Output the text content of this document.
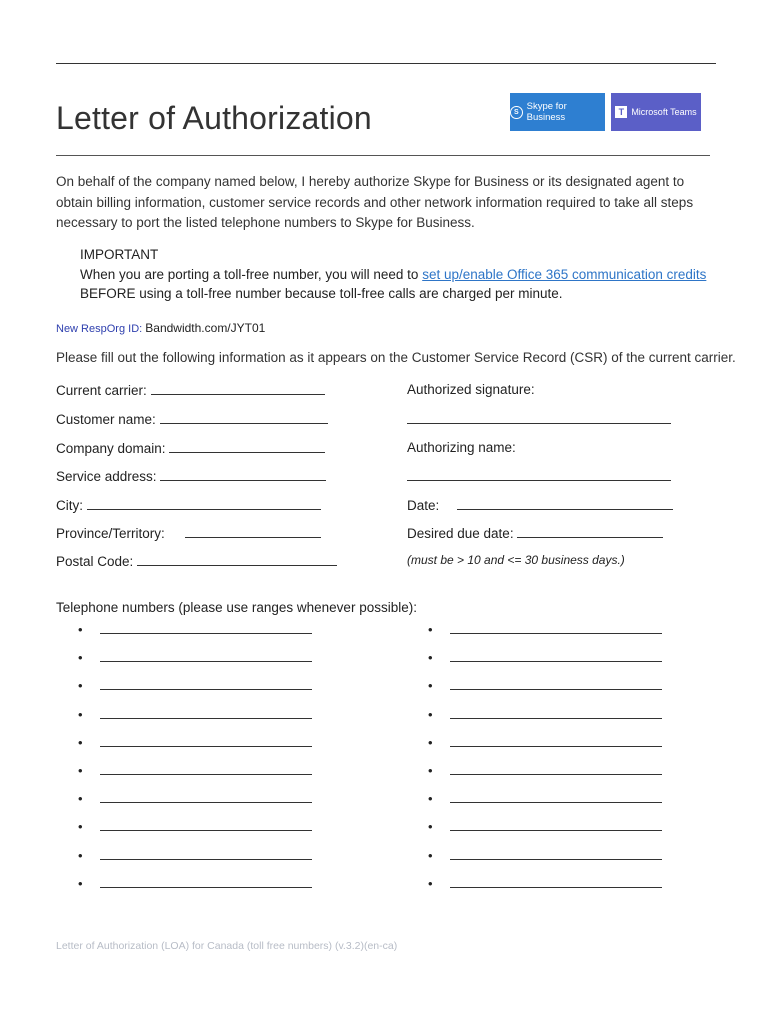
Letter of Authorization	S Skype for Business	T Microsoft Teams
On behalf of the company named below, I hereby authorize Skype for Business or its designated agent to obtain billing information, customer service records and other network information required to take all steps necessary to port the listed telephone numbers to Skype for Business.
IMPORTANT
When you are porting a toll-free number, you will need to set up/enable Office 365 communication credits
BEFORE using a toll-free number because toll-free calls are charged per minute.
New RespOrg ID: Bandwidth.com/JYT01
Please fill out the following information as it appears on the Customer Service Record (CSR) of the current carrier.
Current carrier:
Customer name:
Company domain:
Service address:
City:
Province/Territory:
Postal Code:
Authorized signature:
Authorizing name:
Date:
Desired due date:
(must be > 10 and <= 30 business days.)
Telephone numbers (please use ranges whenever possible):
•
•
•
•
•
•
•
•
•
•
•
•
•
•
•
•
•
•
•
•
Letter of Authorization (LOA) for Canada (toll free numbers) (v.3.2)(en-ca)
